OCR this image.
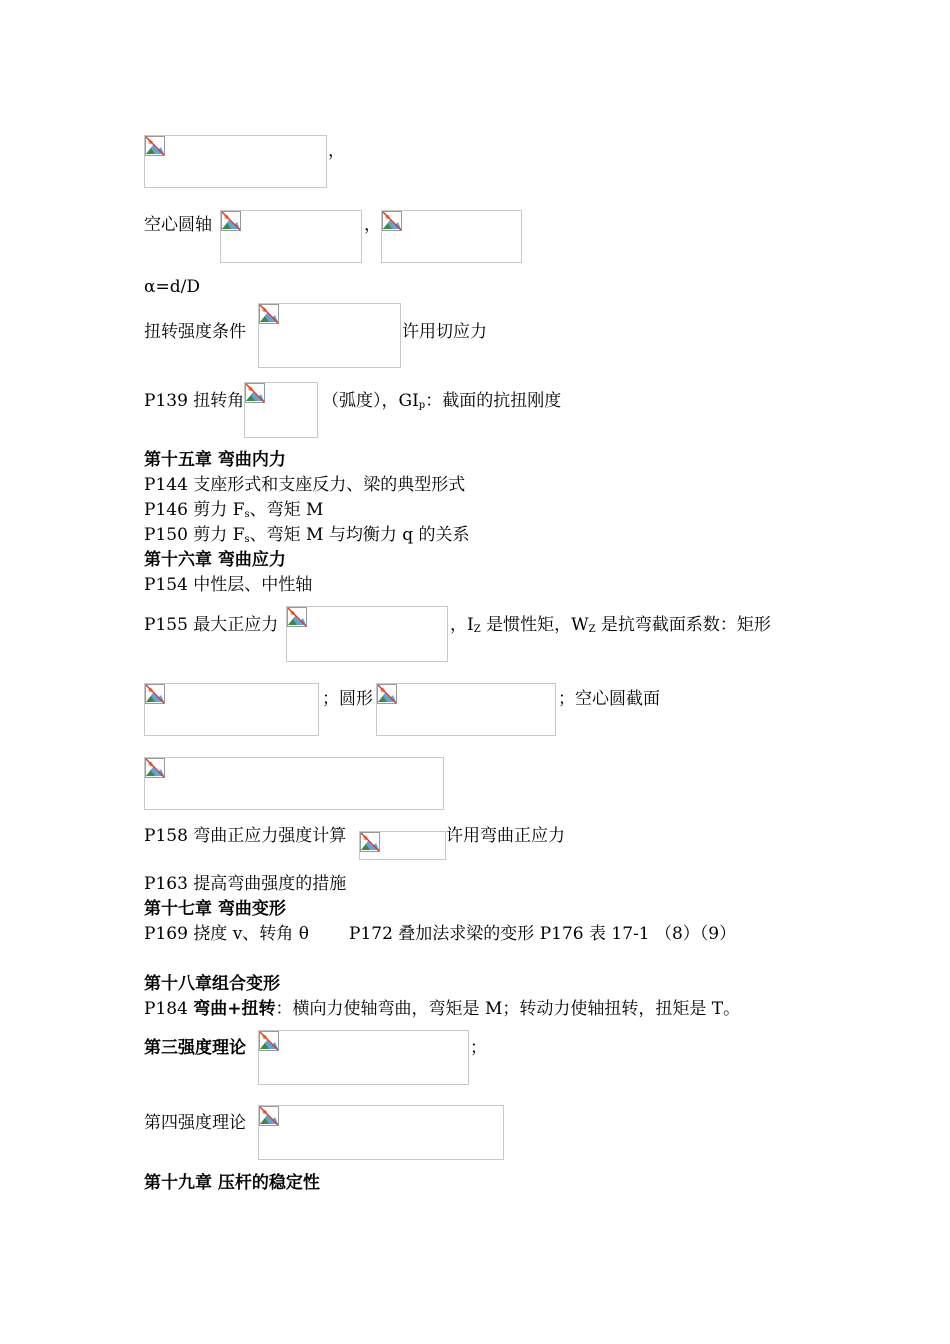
，
空心圆轴	，
α=d/D
扭转强度条件	许用切应力
P139 扭转角	（弧度），$GI_p$：截面的抗扭刚度
第十五章 弯曲内力
P144 支座形式和支座反力、梁的典型形式
P146 剪力 $F_s$、弯矩 M
P150 剪力 $F_s$、弯矩 M 与均衡力 q 的关系
第十六章 弯曲应力
P154 中性层、中性轴
P155 最大正应力	，$I_Z$ 是惯性矩，$W_Z$ 是抗弯截面系数：矩形
；圆形	；空心圆截面
P158 弯曲正应力强度计算	许用弯曲正应力
P163 提高弯曲强度的措施
第十七章 弯曲变形
P169 挠度 v、转角 θ P172 叠加法求梁的变形 P176 表 17-1 （8）（9）
第十八章组合变形
P184 弯曲+扭转：横向力使轴弯曲，弯矩是 M；转动力使轴扭转，扭矩是 T。
第三强度理论	；
第四强度理论
第十九章 压杆的稳定性
